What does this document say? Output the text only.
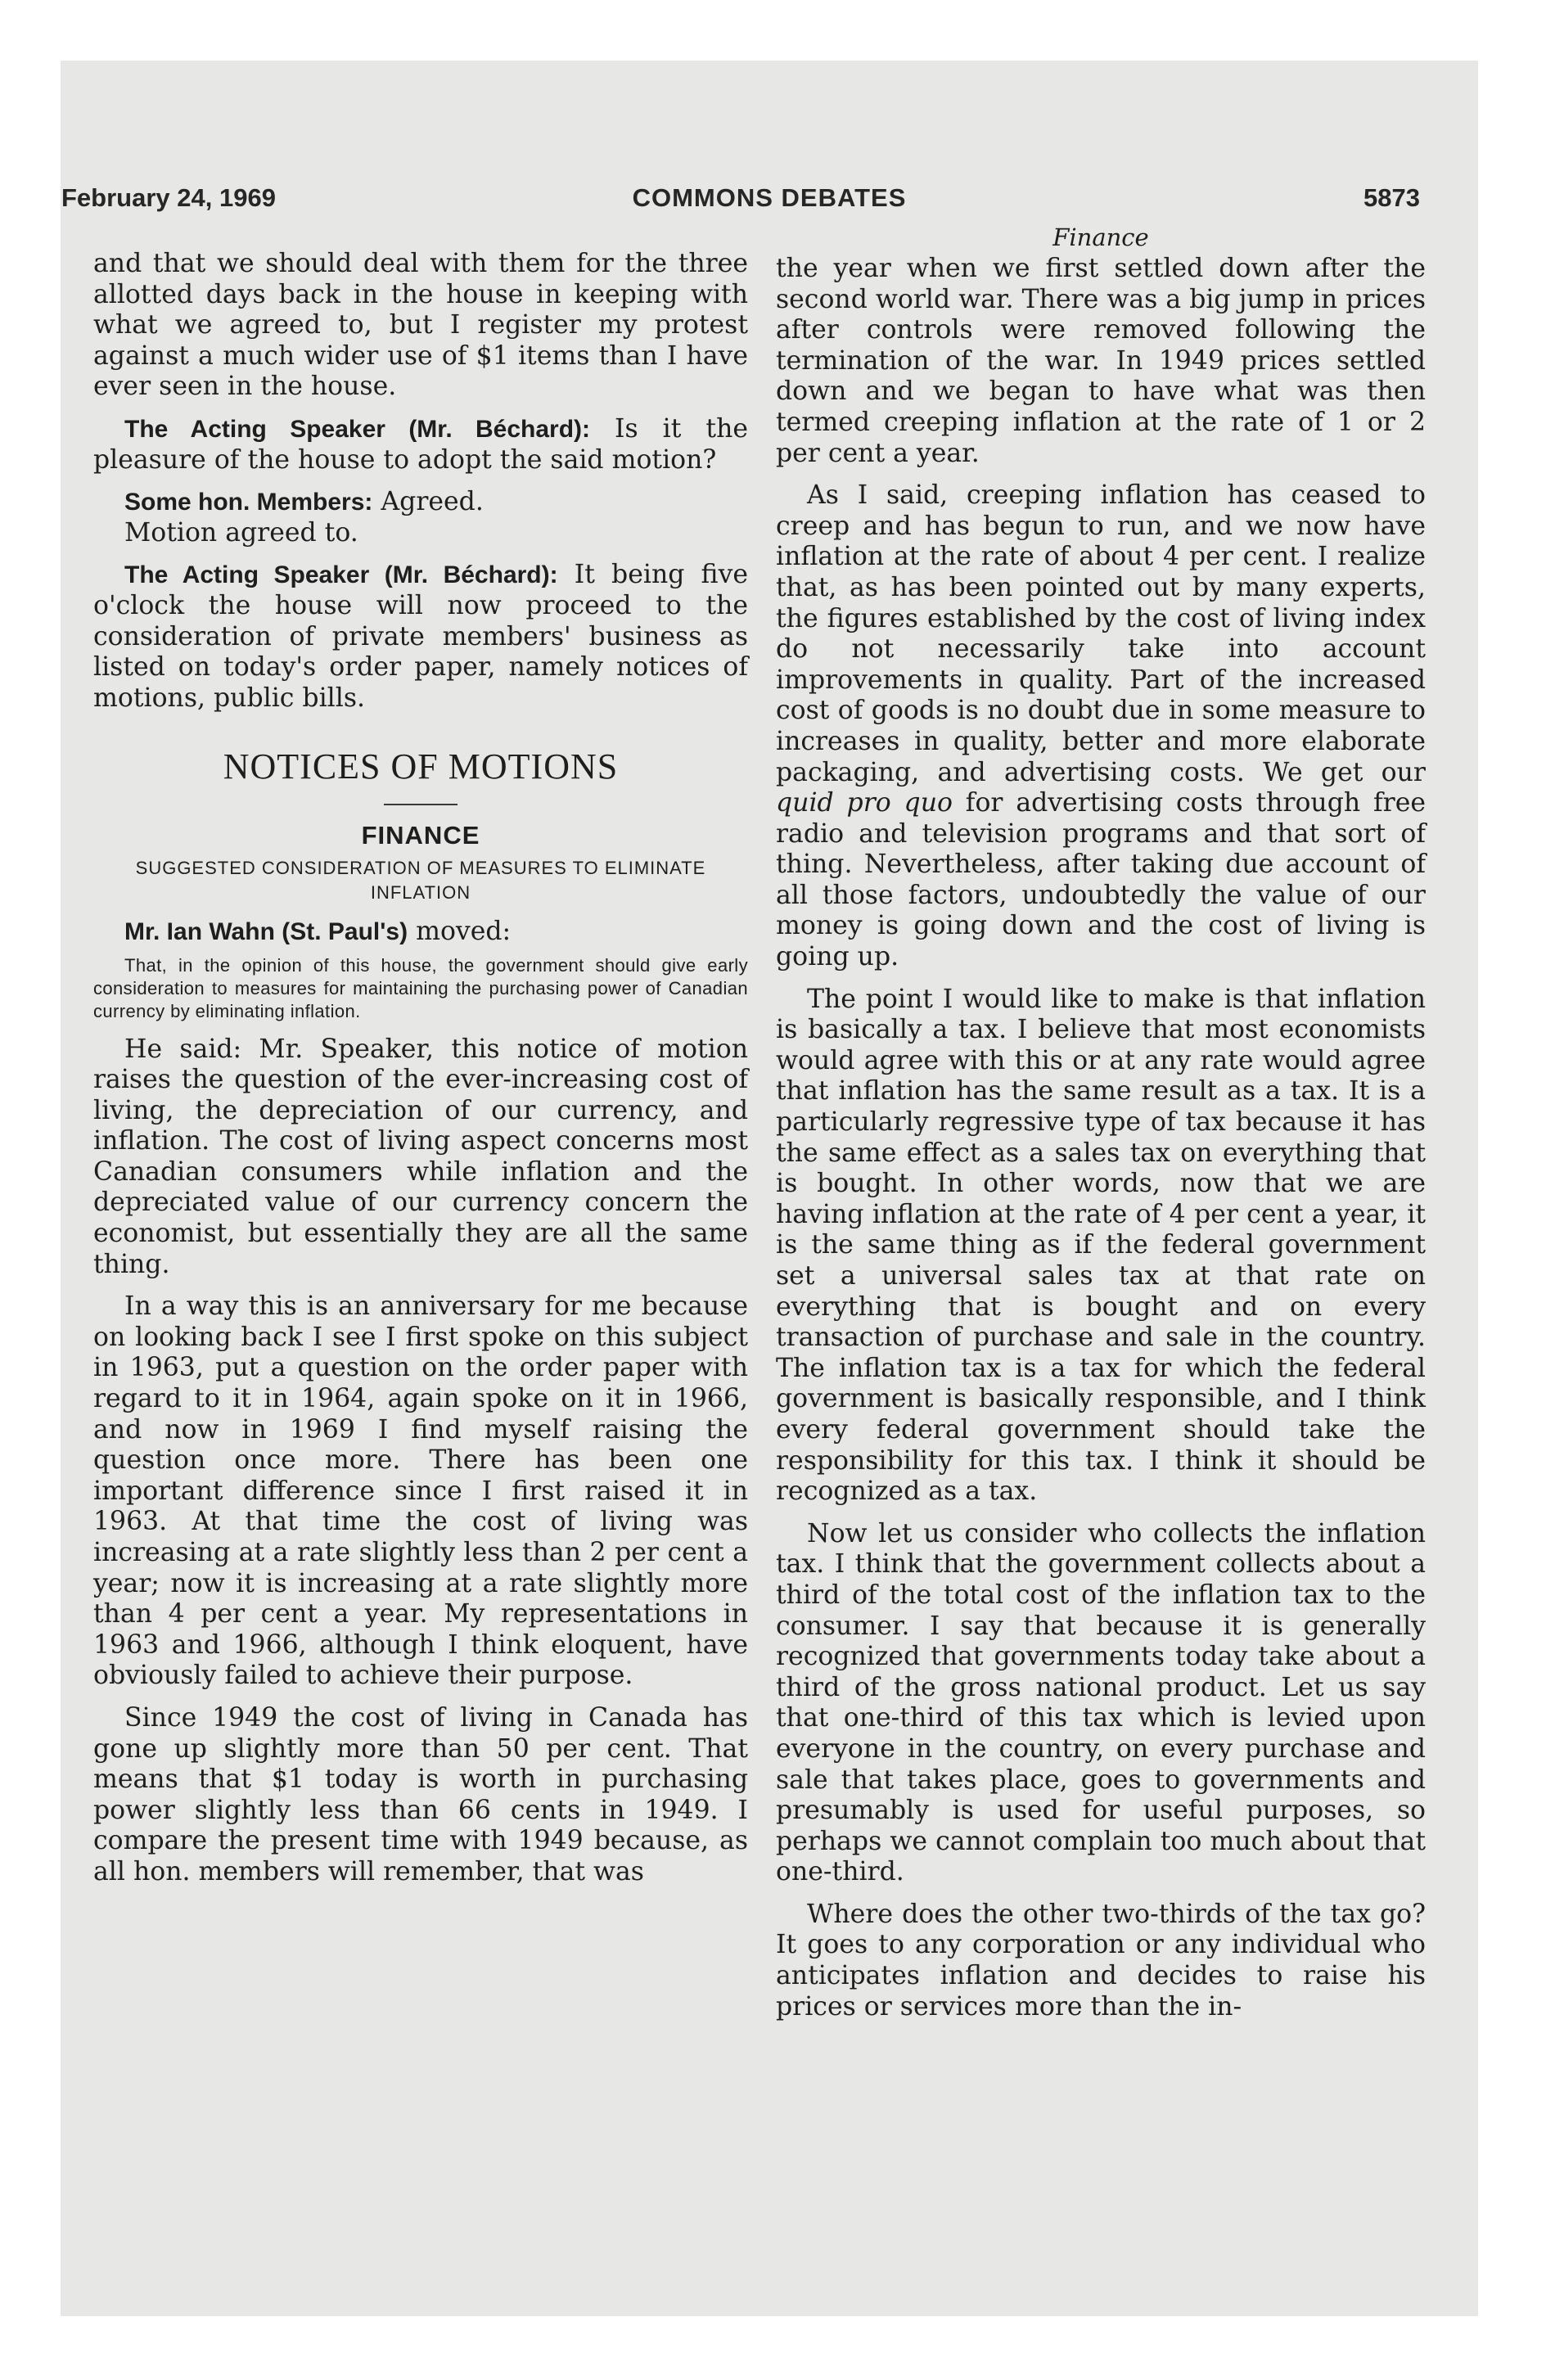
February 24, 1969	COMMONS DEBATES	5873

and that we should deal with them for the three allotted days back in the house in keeping with what we agreed to, but I register my protest against a much wider use of $1 items than I have ever seen in the house.

The Acting Speaker (Mr. Béchard): Is it the pleasure of the house to adopt the said motion?

Some hon. Members: Agreed.

Motion agreed to.

The Acting Speaker (Mr. Béchard): It being five o'clock the house will now proceed to the consideration of private members' business as listed on today's order paper, namely notices of motions, public bills.

NOTICES OF MOTIONS
FINANCE
SUGGESTED CONSIDERATION OF MEASURES TO ELIMINATE INFLATION

Mr. Ian Wahn (St. Paul's) moved:

That, in the opinion of this house, the government should give early consideration to measures for maintaining the purchasing power of Canadian currency by eliminating inflation.

He said: Mr. Speaker, this notice of motion raises the question of the ever-increasing cost of living, the depreciation of our currency, and inflation. The cost of living aspect concerns most Canadian consumers while inflation and the depreciated value of our currency concern the economist, but essentially they are all the same thing.

In a way this is an anniversary for me because on looking back I see I first spoke on this subject in 1963, put a question on the order paper with regard to it in 1964, again spoke on it in 1966, and now in 1969 I find myself raising the question once more. There has been one important difference since I first raised it in 1963. At that time the cost of living was increasing at a rate slightly less than 2 per cent a year; now it is increasing at a rate slightly more than 4 per cent a year. My representations in 1963 and 1966, although I think eloquent, have obviously failed to achieve their purpose.

Since 1949 the cost of living in Canada has gone up slightly more than 50 per cent. That means that $1 today is worth in purchasing power slightly less than 66 cents in 1949. I compare the present time with 1949 because, as all hon. members will remember, that was

Finance

the year when we first settled down after the second world war. There was a big jump in prices after controls were removed following the termination of the war. In 1949 prices settled down and we began to have what was then termed creeping inflation at the rate of 1 or 2 per cent a year.

As I said, creeping inflation has ceased to creep and has begun to run, and we now have inflation at the rate of about 4 per cent. I realize that, as has been pointed out by many experts, the figures established by the cost of living index do not necessarily take into account improvements in quality. Part of the increased cost of goods is no doubt due in some measure to increases in quality, better and more elaborate packaging, and advertising costs. We get our quid pro quo for advertising costs through free radio and television programs and that sort of thing. Nevertheless, after taking due account of all those factors, undoubtedly the value of our money is going down and the cost of living is going up.

The point I would like to make is that inflation is basically a tax. I believe that most economists would agree with this or at any rate would agree that inflation has the same result as a tax. It is a particularly regressive type of tax because it has the same effect as a sales tax on everything that is bought. In other words, now that we are having inflation at the rate of 4 per cent a year, it is the same thing as if the federal government set a universal sales tax at that rate on everything that is bought and on every transaction of purchase and sale in the country. The inflation tax is a tax for which the federal government is basically responsible, and I think every federal government should take the responsibility for this tax. I think it should be recognized as a tax.

Now let us consider who collects the inflation tax. I think that the government collects about a third of the total cost of the inflation tax to the consumer. I say that because it is generally recognized that governments today take about a third of the gross national product. Let us say that one-third of this tax which is levied upon everyone in the country, on every purchase and sale that takes place, goes to governments and presumably is used for useful purposes, so perhaps we cannot complain too much about that one-third.

Where does the other two-thirds of the tax go? It goes to any corporation or any individual who anticipates inflation and decides to raise his prices or services more than the in-
